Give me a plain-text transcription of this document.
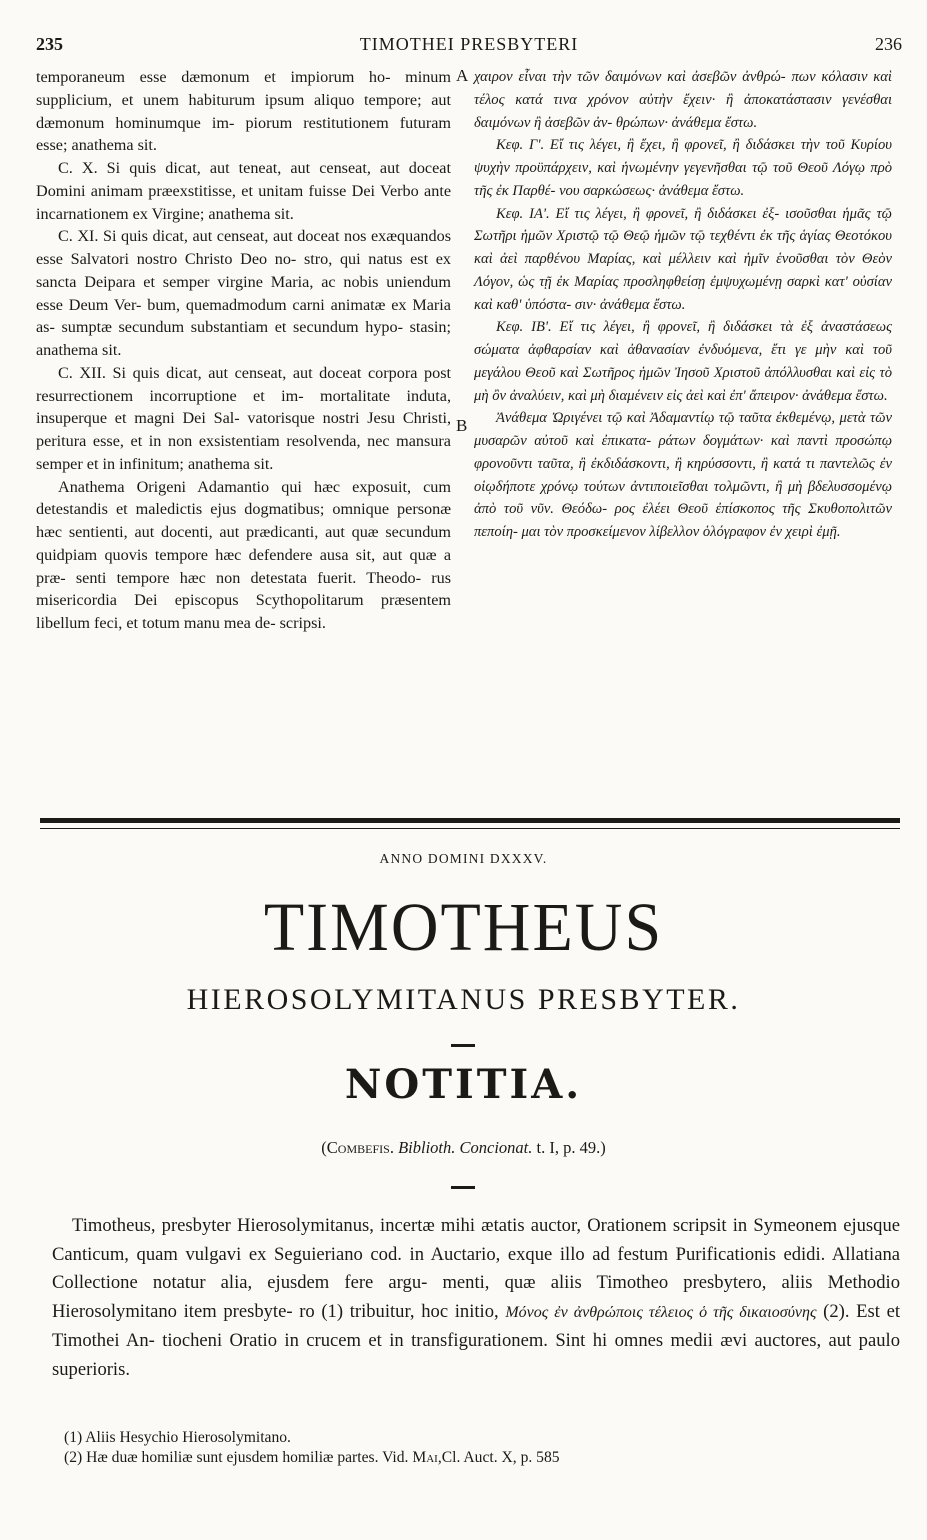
235	TIMOTHEI PRESBYTERI	236

temporaneum esse dæmonum et impiorum ho- minum supplicium, et unem habiturum ipsum aliquo tempore; aut dæmonum hominumque im- piorum restitutionem futuram esse; anathema sit.

C. X. Si quis dicat, aut teneat, aut censeat, aut doceat Domini animam præexstitisse, et unitam fuisse Dei Verbo ante incarnationem ex Virgine; anathema sit.

C. XI. Si quis dicat, aut censeat, aut doceat nos exæquandos esse Salvatori nostro Christo Deo no- stro, qui natus est ex sancta Deipara et semper virgine Maria, ac nobis uniendum esse Deum Ver- bum, quemadmodum carni animatæ ex Maria as- sumptæ secundum substantiam et secundum hypo- stasin; anathema sit.

C. XII. Si quis dicat, aut censeat, aut doceat corpora post resurrectionem incorruptione et im- mortalitate induta, insuperque et magni Dei Sal- vatorisque nostri Jesu Christi, peritura esse, et in non exsistentiam resolvenda, nec mansura semper et in infinitum; anathema sit.

Anathema Origeni Adamantio qui hæc exposuit, cum detestandis et maledictis ejus dogmatibus; omnique personæ hæc sentienti, aut docenti, aut prædicanti, aut quæ secundum quidpiam quovis tempore hæc defendere ausa sit, aut quæ a præ- senti tempore hæc non detestata fuerit. Theodo- rus misericordia Dei episcopus Scythopolitarum præsentem libellum feci, et totum manu mea de- scripsi.

A
B

χαιρον εἶναι τὴν τῶν δαιμόνων καὶ ἀσεβῶν ἀνθρώ- πων κόλασιν καὶ τέλος κατά τινα χρόνον αὐτὴν ἔχειν· ἢ ἀποκατάστασιν γενέσθαι δαιμόνων ἢ ἀσεβῶν ἀν- θρώπων· ἀνάθεμα ἔστω.

Κεφ. Γ'. Εἴ τις λέγει, ἢ ἔχει, ἢ φρονεῖ, ἢ διδάσκει τὴν τοῦ Κυρίου ψυχὴν προϋπάρχειν, καὶ ἡνωμένην γεγενῆσθαι τῷ τοῦ Θεοῦ Λόγῳ πρὸ τῆς ἐκ Παρθέ- νου σαρκώσεως· ἀνάθεμα ἔστω.

Κεφ. ΙΑ'. Εἴ τις λέγει, ἢ φρονεῖ, ἢ διδάσκει ἐξ- ισοῦσθαι ἡμᾶς τῷ Σωτῆρι ἡμῶν Χριστῷ τῷ Θεῷ ἡμῶν τῷ τεχθέντι ἐκ τῆς ἁγίας Θεοτόκου καὶ ἀεὶ παρθένου Μαρίας, καὶ μέλλειν καὶ ἡμῖν ἑνοῦσθαι τὸν Θεὸν Λόγον, ὡς τῇ ἐκ Μαρίας προσληφθείσῃ ἐμψυχωμένῃ σαρκὶ κατ' οὐσίαν καὶ καθ' ὑπόστα- σιν· ἀνάθεμα ἔστω.

Κεφ. ΙΒ'. Εἴ τις λέγει, ἢ φρονεῖ, ἢ διδάσκει τὰ ἐξ ἀναστάσεως σώματα ἀφθαρσίαν καὶ ἀθανασίαν ἐνδυόμενα, ἔτι γε μὴν καὶ τοῦ μεγάλου Θεοῦ καὶ Σωτῆρος ἡμῶν Ἰησοῦ Χριστοῦ ἀπόλλυσθαι καὶ εἰς τὸ μὴ ὂν ἀναλύειν, καὶ μὴ διαμένειν εἰς ἀεὶ καὶ ἐπ' ἄπειρον· ἀνάθεμα ἔστω.

Ἀνάθεμα Ὠριγένει τῷ καὶ Ἀδαμαντίῳ τῷ ταῦτα ἐκθεμένῳ, μετὰ τῶν μυσαρῶν αὐτοῦ καὶ ἐπικατα- ράτων δογμάτων· καὶ παντὶ προσώπῳ φρονοῦντι ταῦτα, ἢ ἐκδιδάσκοντι, ἢ κηρύσσοντι, ἢ κατά τι παντελῶς ἐν οἱῳδήποτε χρόνῳ τούτων ἀντιποιεῖσθαι τολμῶντι, ἢ μὴ βδελυσσομένῳ ἀπὸ τοῦ νῦν. Θεόδω- ρος ἐλέει Θεοῦ ἐπίσκοπος τῆς Σκυθοπολιτῶν πεποίη- μαι τὸν προσκείμενον λίβελλον ὁλόγραφον ἐν χειρὶ ἐμῇ.

ANNO DOMINI DXXXV.
TIMOTHEUS
HIEROSOLYMITANUS PRESBYTER.
NOTITIA.
(Combefis. Biblioth. Concionat. t. I, p. 49.)

Timotheus, presbyter Hierosolymitanus, incertæ mihi ætatis auctor, Orationem scripsit in Symeonem ejusque Canticum, quam vulgavi ex Seguieriano cod. in Auctario, exque illo ad festum Purificationis edidi. Allatiana Collectione notatur alia, ejusdem fere argu- menti, quæ aliis Timotheo presbytero, aliis Methodio Hierosolymitano item presbyte- ro (1) tribuitur, hoc initio, Μόνος ἐν ἀνθρώποις τέλειος ὁ τῆς δικαιοσύνης (2). Est et Timothei An- tiocheni Oratio in crucem et in transfigurationem. Sint hi omnes medii ævi auctores, aut paulo superioris.

(1) Aliis Hesychio Hierosolymitano.
(2) Hæ duæ homiliæ sunt ejusdem homiliæ partes. Vid. Mai,Cl. Auct. X, p. 585
